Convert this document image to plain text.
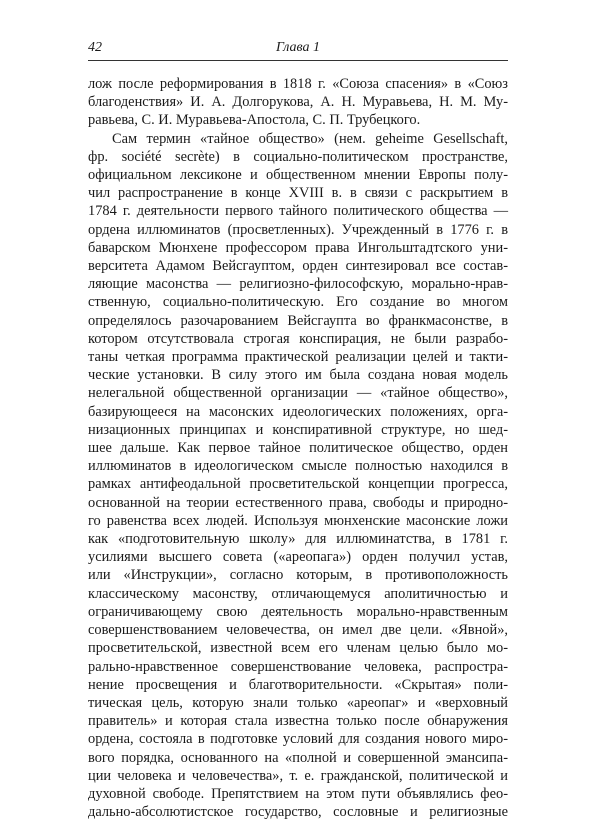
42	Глава 1

лож после реформирования в 1818 г. «Союза спасения» в «Союз
благоденствия» И. А. Долгорукова, А. Н. Муравьева, Н. М. Му-
равьева, С. И. Муравьева-Апостола, С. П. Трубецкого.

Сам термин «тайное общество» (нем. geheime Gesellschaft,
фр. société secrète) в социально-политическом пространстве,
официальном лексиконе и общественном мнении Европы полу-
чил распространение в конце XVIII в. в связи с раскрытием в
1784 г. деятельности первого тайного политического общества —
ордена иллюминатов (просветленных). Учрежденный в 1776 г. в
баварском Мюнхене профессором права Ингольштадтского уни-
верситета Адамом Вейсгауптом, орден синтезировал все состав-
ляющие масонства — религиозно-философскую, морально-нрав-
ственную, социально-политическую. Его создание во многом
определялось разочарованием Вейсгаупта во франкмасонстве, в
котором отсутствовала строгая конспирация, не были разрабо-
таны четкая программа практической реализации целей и такти-
ческие установки. В силу этого им была создана новая модель
нелегальной общественной организации — «тайное общество»,
базирующееся на масонских идеологических положениях, орга-
низационных принципах и конспиративной структуре, но шед-
шее дальше. Как первое тайное политическое общество, орден
иллюминатов в идеологическом смысле полностью находился в
рамках антифеодальной просветительской концепции прогресса,
основанной на теории естественного права, свободы и природно-
го равенства всех людей. Используя мюнхенские масонские ложи
как «подготовительную школу» для иллюминатства, в 1781 г.
усилиями высшего совета («ареопага») орден получил устав,
или «Инструкции», согласно которым, в противоположность
классическому масонству, отличающемуся аполитичностью и
ограничивающему свою деятельность морально-нравственным
совершенствованием человечества, он имел две цели. «Явной»,
просветительской, известной всем его членам целью было мо-
рально-нравственное совершенствование человека, распростра-
нение просвещения и благотворительности. «Скрытая» поли-
тическая цель, которую знали только «ареопаг» и «верховный
правитель» и которая стала известна только после обнаружения
ордена, состояла в подготовке условий для создания нового миро-
вого порядка, основанного на «полной и совершенной эмансипа-
ции человека и человечества», т. е. гражданской, политической и
духовной свободе. Препятствием на этом пути объявлялись феo-
дально-абсолютистское государство, сословные и религиозные
